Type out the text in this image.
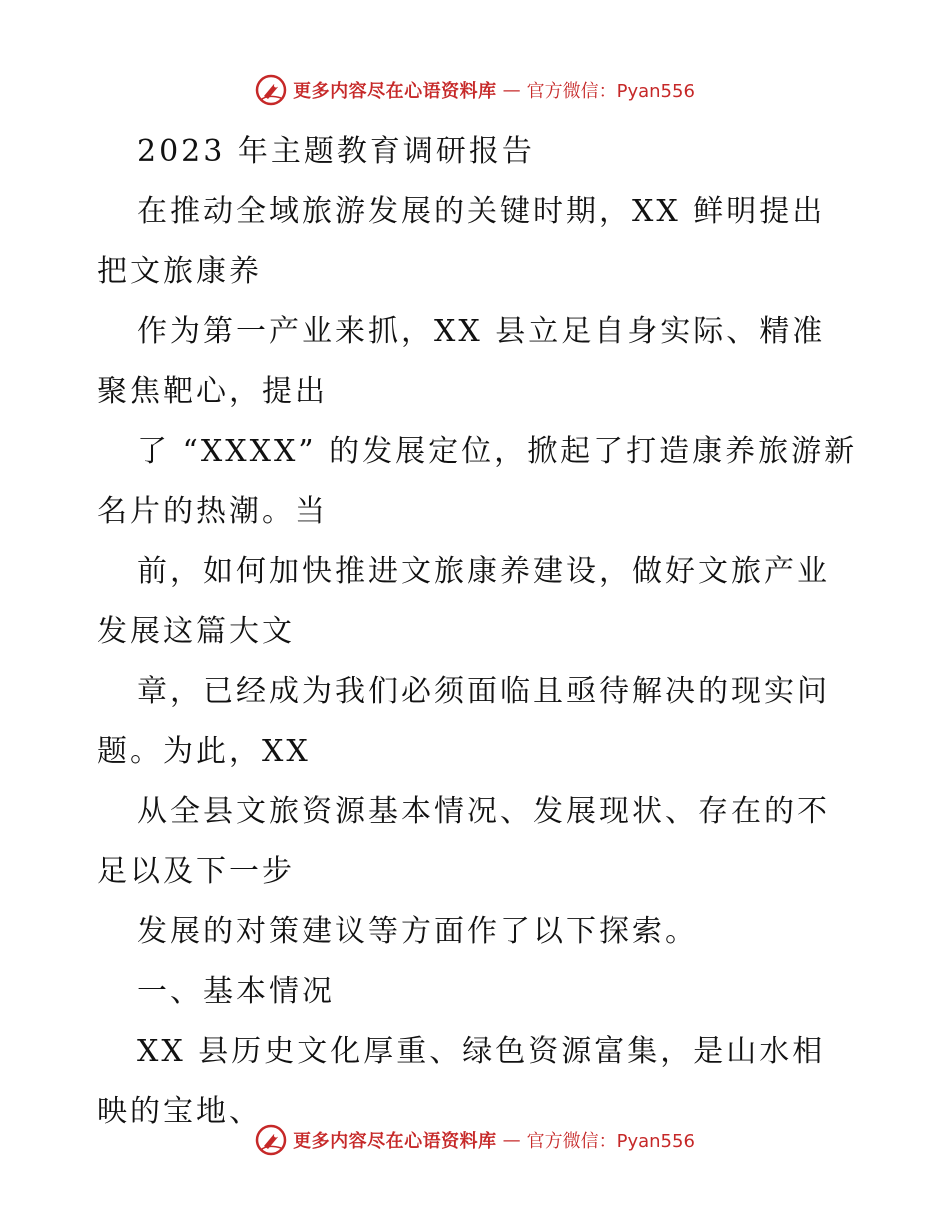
更多内容尽在心语资料库 — 官方微信：Pyan556
2023 年主题教育调研报告
在推动全域旅游发展的关键时期，XX 鲜明提出
把文旅康养
作为第一产业来抓，XX 县立足自身实际、精准
聚焦靶心，提出
了 “XXXX” 的发展定位，掀起了打造康养旅游新
名片的热潮。当
前，如何加快推进文旅康养建设，做好文旅产业
发展这篇大文
章，已经成为我们必须面临且亟待解决的现实问
题。为此，XX
从全县文旅资源基本情况、发展现状、存在的不
足以及下一步
发展的对策建议等方面作了以下探索。
一、基本情况
XX 县历史文化厚重、绿色资源富集，是山水相
映的宝地、
更多内容尽在心语资料库 — 官方微信：Pyan556
